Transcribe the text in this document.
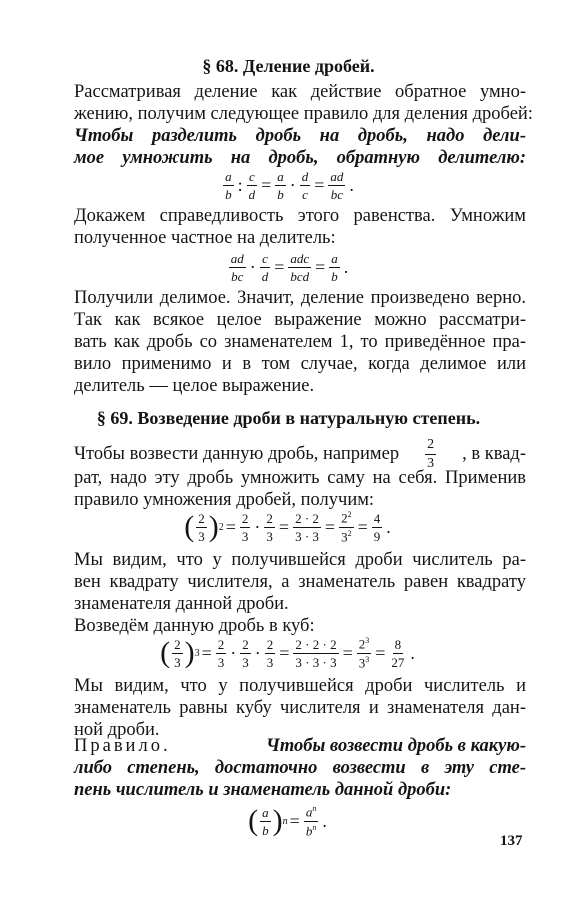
§ 68. Деление дробей.
Рассматривая деление как действие обратное умно-
жению, получим следующее правило для деления дробей:
Чтобы разделить дробь на дробь, надо дели-
мое умножить на дробь, обратную делителю:
$\frac{a}{b}$ : $\frac{c}{d} = \frac{a}{b} \cdot \frac{d}{c} = \frac{ad}{bc}$ .
Докажем справедливость этого равенства. Умножим
полученное частное на делитель:
$\frac{ad}{bc} \cdot \frac{c}{d} = \frac{\text{adc}}{\text{bcd}} = \frac{a}{b}$ .
Получили делимое. Значит, деление произведено верно.
Так как всякое целое выражение можно рассматри-
вать как дробь со знаменателем 1, то приведённое пра-
вило применимо и в том случае, когда делимое или
делитель — целое выражение.
§ 69. Возведение дроби в натуральную степень.
Чтобы возвести данную дробь, например $\frac{2}{3}$ , в квад-
рат, надо эту дробь умножить саму на себя. Применив
правило умножения дробей, получим:
( $\frac{2}{3}$ ) $2 = \frac{2}{3} \cdot \frac{2}{3} = \frac{2 \cdot 2}{3 \cdot 3} = \frac{2^2}{3^2} = \frac{4}{9}$ .
Мы видим, что у получившейся дроби числитель ра-
вен квадрату числителя, а знаменатель равен квадрату
знаменателя данной дроби.
Возведём данную дробь в куб:
( $\frac{2}{3}$ ) $3 = \frac{2}{3} \cdot \frac{2}{3} \cdot \frac{2}{3} = \frac{2 \cdot 2 \cdot 2}{3 \cdot 3 \cdot 3} = \frac{2^3}{3^3} = \frac{8}{27}$ .
Мы видим, что у получившейся дроби числитель и
знаменатель равны кубу числителя и знаменателя дан-
ной дроби.
Правило.	Чтобы возвести дробь в какую-
либо степень, достаточно возвести в эту сте-
пень числитель и знаменатель данной дроби:
( $\frac{a}{b}$ ) $n = \frac{a^n}{b^n}$ .
137
